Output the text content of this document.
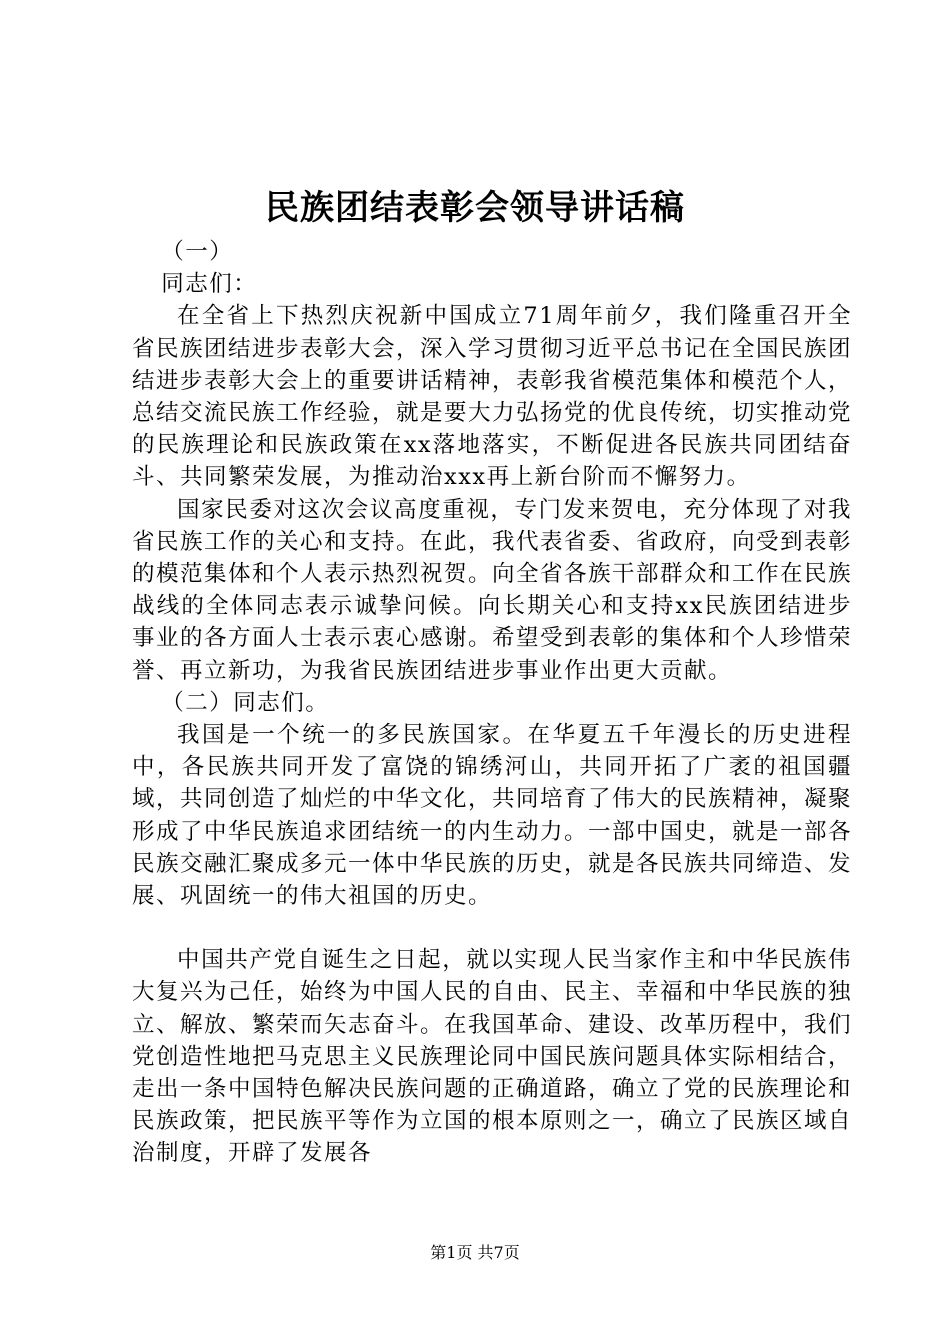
民族团结表彰会领导讲话稿

（一）

同志们：

在全省上下热烈庆祝新中国成立71周年前夕，我们隆重召开全省民族团结进步表彰大会，深入学习贯彻习近平总书记在全国民族团结进步表彰大会上的重要讲话精神，表彰我省模范集体和模范个人，总结交流民族工作经验，就是要大力弘扬党的优良传统，切实推动党的民族理论和民族政策在xx落地落实，不断促进各民族共同团结奋斗、共同繁荣发展，为推动治xxx再上新台阶而不懈努力。

国家民委对这次会议高度重视，专门发来贺电，充分体现了对我省民族工作的关心和支持。在此，我代表省委、省政府，向受到表彰的模范集体和个人表示热烈祝贺。向全省各族干部群众和工作在民族战线的全体同志表示诚挚问候。向长期关心和支持xx民族团结进步事业的各方面人士表示衷心感谢。希望受到表彰的集体和个人珍惜荣誉、再立新功，为我省民族团结进步事业作出更大贡献。

（二）同志们。

我国是一个统一的多民族国家。在华夏五千年漫长的历史进程中，各民族共同开发了富饶的锦绣河山，共同开拓了广袤的祖国疆域，共同创造了灿烂的中华文化，共同培育了伟大的民族精神，凝聚形成了中华民族追求团结统一的内生动力。一部中国史，就是一部各民族交融汇聚成多元一体中华民族的历史，就是各民族共同缔造、发展、巩固统一的伟大祖国的历史。

中国共产党自诞生之日起，就以实现人民当家作主和中华民族伟大复兴为己任，始终为中国人民的自由、民主、幸福和中华民族的独立、解放、繁荣而矢志奋斗。在我国革命、建设、改革历程中，我们党创造性地把马克思主义民族理论同中国民族问题具体实际相结合，走出一条中国特色解决民族问题的正确道路，确立了党的民族理论和民族政策，把民族平等作为立国的根本原则之一，确立了民族区域自治制度，开辟了发展各

第1页 共7页
